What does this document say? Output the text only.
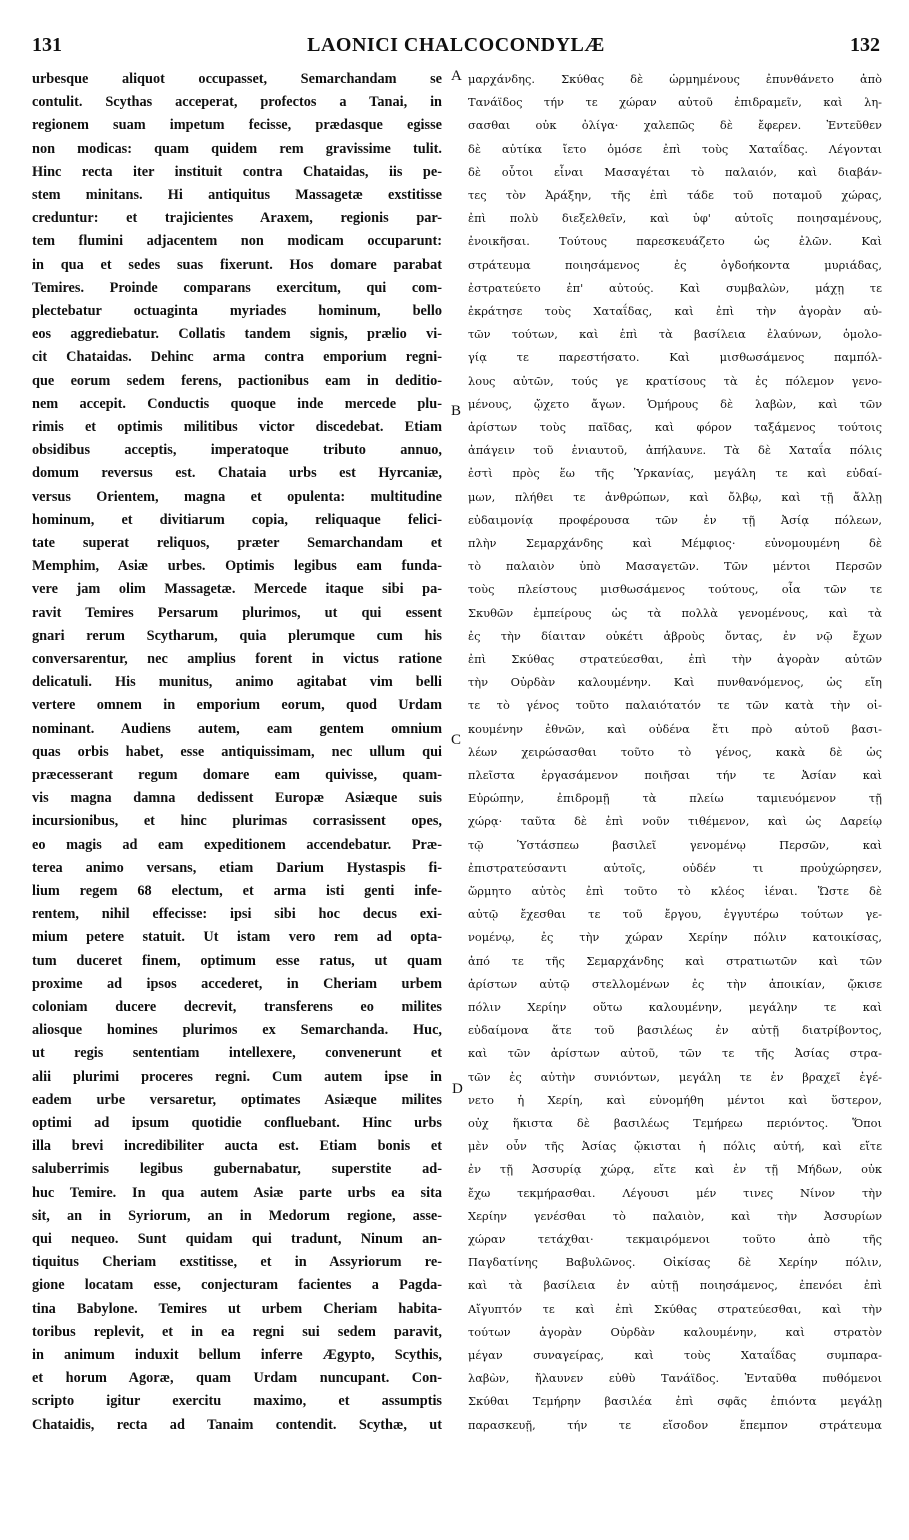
131	LAONICI CHALCOCONDYLÆ	132
urbesque aliquot occupasset, Semarchandam se
contulit. Scythas acceperat, profectos a Tanai, in
regionem suam impetum fecisse, prædasque egisse
non modicas: quam quidem rem gravissime tulit.
Hinc recta iter instituit contra Chataidas, iis pe-
stem minitans. Hi antiquitus Massagetæ exstitisse
creduntur: et trajicientes Araxem, regionis par-
tem flumini adjacentem non modicam occuparunt:
in qua et sedes suas fixerunt. Hos domare parabat
Temires. Proinde comparans exercitum, qui com-
plectebatur octuaginta myriades hominum, bello
eos aggrediebatur. Collatis tandem signis, prælio vi-
cit Chataidas. Dehinc arma contra emporium regni-
que eorum sedem ferens, pactionibus eam in deditio-
nem accepit. Conductis quoque inde mercede plu-
rimis et optimis militibus victor discedebat. Etiam
obsidibus acceptis, imperatoque tributo annuo,
domum reversus est. Chataia urbs est Hyrcaniæ,
versus Orientem, magna et opulenta: multitudine
hominum, et divitiarum copia, reliquaque felici-
tate superat reliquos, præter Semarchandam et
Memphim, Asiæ urbes. Optimis legibus eam funda-
vere jam olim Massagetæ. Mercede itaque sibi pa-
ravit Temires Persarum plurimos, ut qui essent
gnari rerum Scytharum, quia plerumque cum his
conversarentur, nec amplius forent in victus ratione
delicatuli. His munitus, animo agitabat vim belli
vertere omnem in emporium eorum, quod Urdam
nominant. Audiens autem, eam gentem omnium
quas orbis habet, esse antiquissimam, nec ullum qui
præcesserant regum domare eam quivisse, quam-
vis magna damna dedissent Europæ Asiæque suis
incursionibus, et hinc plurimas corrasissent opes,
eo magis ad eam expeditionem accendebatur. Præ-
terea animo versans, etiam Darium Hystaspis fi-
lium regem 68 electum, et arma isti genti infe-
rentem, nihil effecisse: ipsi sibi hoc decus exi-
mium petere statuit. Ut istam vero rem ad opta-
tum duceret finem, optimum esse ratus, ut quam
proxime ad ipsos accederet, in Cheriam urbem
coloniam ducere decrevit, transferens eo milites
aliosque homines plurimos ex Semarchanda. Huc,
ut regis sententiam intellexere, convenerunt et
alii plurimi proceres regni. Cum autem ipse in
eadem urbe versaretur, optimates Asiæque milites
optimi ad ipsum quotidie confluebant. Hinc urbs
illa brevi incredibiliter aucta est. Etiam bonis et
saluberrimis legibus gubernabatur, superstite ad-
huc Temire. In qua autem Asiæ parte urbs ea sita
sit, an in Syriorum, an in Medorum regione, asse-
qui nequeo. Sunt quidam qui tradunt, Ninum an-
tiquitus Cheriam exstitisse, et in Assyriorum re-
gione locatam esse, conjecturam facientes a Pagda-
tina Babylone. Temires ut urbem Cheriam habita-
toribus replevit, et in ea regni sui sedem paravit,
in animum induxit bellum inferre Ægypto, Scythis,
et horum Agoræ, quam Urdam nuncupant. Con-
scripto igitur exercitu maximo, et assumptis
Chataidis, recta ad Tanaim contendit. Scythæ, ut
A
B
C
D
μαρχάνδης. Σκύθας δὲ ὡρμημένους ἐπυνθάνετο ἀπὸ
Τανάϊδος τήν τε χώραν αὐτοῦ ἐπιδραμεῖν, καὶ λη-
σασθαι οὐκ ὀλίγα· χαλεπῶς δὲ ἔφερεν. Ἐντεῦθεν
δὲ αὐτίκα ἴετο ὁμόσε ἐπὶ τοὺς Χαταΐδας. Λέγονται
δὲ οὗτοι εἶναι Μασαγέται τὸ παλαιόν, καὶ διαβάν-
τες τὸν Ἀράξην, τῆς ἐπὶ τάδε τοῦ ποταμοῦ χώρας,
ἐπὶ πολὺ διεξελθεῖν, καὶ ὑφ' αὐτοῖς ποιησαμένους,
ἐνοικῆσαι. Τούτους παρεσκευάζετο ὡς ἐλῶν. Καὶ
στράτευμα ποιησάμενος ἐς ὀγδοήκοντα μυριάδας,
ἐστρατεύετο ἐπ' αὐτούς. Καὶ συμβαλὼν, μάχῃ τε
ἐκράτησε τοὺς Χαταΐδας, καὶ ἐπὶ τὴν ἀγορὰν αὐ-
τῶν τούτων, καὶ ἐπὶ τὰ βασίλεια ἐλαύνων, ὁμολο-
γίᾳ τε παρεστήσατο. Καὶ μισθωσάμενος παμπόλ-
λους αὐτῶν, τούς γε κρατίσους τὰ ἐς πόλεμον γενο-
μένους, ᾤχετο ἄγων. Ὁμήρους δὲ λαβὼν, καὶ τῶν
ἀρίστων τοὺς παῖδας, καὶ φόρον ταξάμενος τούτοις
ἀπάγειν τοῦ ἐνιαυτοῦ, ἀπήλαυνε. Τὰ δὲ Χαταΐα πόλις
ἐστὶ πρὸς ἕω τῆς Ὑρκανίας, μεγάλη τε καὶ εὐδαί-
μων, πλήθει τε ἀνθρώπων, καὶ ὄλβῳ, καὶ τῇ ἄλλῃ
εὐδαιμονίᾳ προφέρουσα τῶν ἐν τῇ Ἀσίᾳ πόλεων,
πλὴν Σεμαρχάνδης καὶ Μέμφιος· εὐνομουμένη δὲ
τὸ παλαιὸν ὑπὸ Μασαγετῶν. Τῶν μέντοι Περσῶν
τοὺς πλείστους μισθωσάμενος τούτους, οἷα τῶν τε
Σκυθῶν ἐμπείρους ὡς τὰ πολλὰ γενομένους, καὶ τὰ
ἐς τὴν δίαιταν οὐκέτι ἁβροὺς ὄντας, ἐν νῷ ἔχων
ἐπὶ Σκύθας στρατεύεσθαι, ἐπὶ τὴν ἀγορὰν αὐτῶν
τὴν Οὐρδὰν καλουμένην. Καὶ πυνθανόμενος, ὡς εἴη
τε τὸ γένος τοῦτο παλαιότατόν τε τῶν κατὰ τὴν οἰ-
κουμένην ἐθνῶν, καὶ οὐδένα ἔτι πρὸ αὐτοῦ βασι-
λέων χειρώσασθαι τοῦτο τὸ γένος, κακὰ δὲ ὡς
πλεῖστα ἐργασάμενον ποιῆσαι τήν τε Ἀσίαν καὶ
Εὐρώπην, ἐπιδρομῇ τὰ πλείω ταμιευόμενον τῇ
χώρᾳ· ταῦτα δὲ ἐπὶ νοῦν τιθέμενον, καὶ ὡς Δαρείῳ
τῷ Ὑστάσπεω βασιλεῖ γενομένῳ Περσῶν, καὶ
ἐπιστρατεύσαντι αὐτοῖς, οὐδέν τι προὐχώρησεν,
ὥρμητο αὐτὸς ἐπὶ τοῦτο τὸ κλέος ἰέναι. Ὥστε δὲ
αὐτῷ ἔχεσθαι τε τοῦ ἔργου, ἐγγυτέρω τούτων γε-
νομένῳ, ἐς τὴν χώραν Χερίην πόλιν κατοικίσας,
ἀπό τε τῆς Σεμαρχάνδης καὶ στρατιωτῶν καὶ τῶν
ἀρίστων αὐτῷ στελλομένων ἐς τὴν ἀποικίαν, ᾤκισε
πόλιν Χερίην οὕτω καλουμένην, μεγάλην τε καὶ
εὐδαίμονα ἅτε τοῦ βασιλέως ἐν αὐτῇ διατρίβοντος,
καὶ τῶν ἀρίστων αὐτοῦ, τῶν τε τῆς Ἀσίας στρα-
τῶν ἐς αὐτὴν συνιόντων, μεγάλη τε ἐν βραχεῖ ἐγέ-
νετο ἡ Χερίη, καὶ εὐνομήθη μέντοι καὶ ὕστερον,
οὐχ ἥκιστα δὲ βασιλέως Τεμήρεω περιόντος. Ὅποι
μὲν οὖν τῆς Ἀσίας ᾤκισται ἡ πόλις αὐτή, καὶ εἴτε
ἐν τῇ Ἀσσυρίᾳ χώρᾳ, εἴτε καὶ ἐν τῇ Μήδων, οὐκ
ἔχω τεκμήρασθαι. Λέγουσι μέν τινες Νίνον τὴν
Χερίην γενέσθαι τὸ παλαιὸν, καὶ τὴν Ἀσσυρίων
χώραν τετάχθαι· τεκμαιρόμενοι τοῦτο ἀπὸ τῆς
Παγδατίνης Βαβυλῶνος. Οἰκίσας δὲ Χερίην πόλιν,
καὶ τὰ βασίλεια ἐν αὐτῇ ποιησάμενος, ἐπενόει ἐπὶ
Αἴγυπτόν τε καὶ ἐπὶ Σκύθας στρατεύεσθαι, καὶ τὴν
τούτων ἀγορὰν Οὐρδὰν καλουμένην, καὶ στρατὸν
μέγαν συναγείρας, καὶ τοὺς Χαταΐδας συμπαρα-
λαβὼν, ἤλαυνεν εὐθὺ Τανάϊδος. Ἐνταῦθα πυθόμενοι
Σκύθαι Τεμήρην βασιλέα ἐπὶ σφᾶς ἐπιόντα μεγάλῃ
παρασκευῇ, τήν τε εἴσοδον ἔπεμπον στράτευμα
